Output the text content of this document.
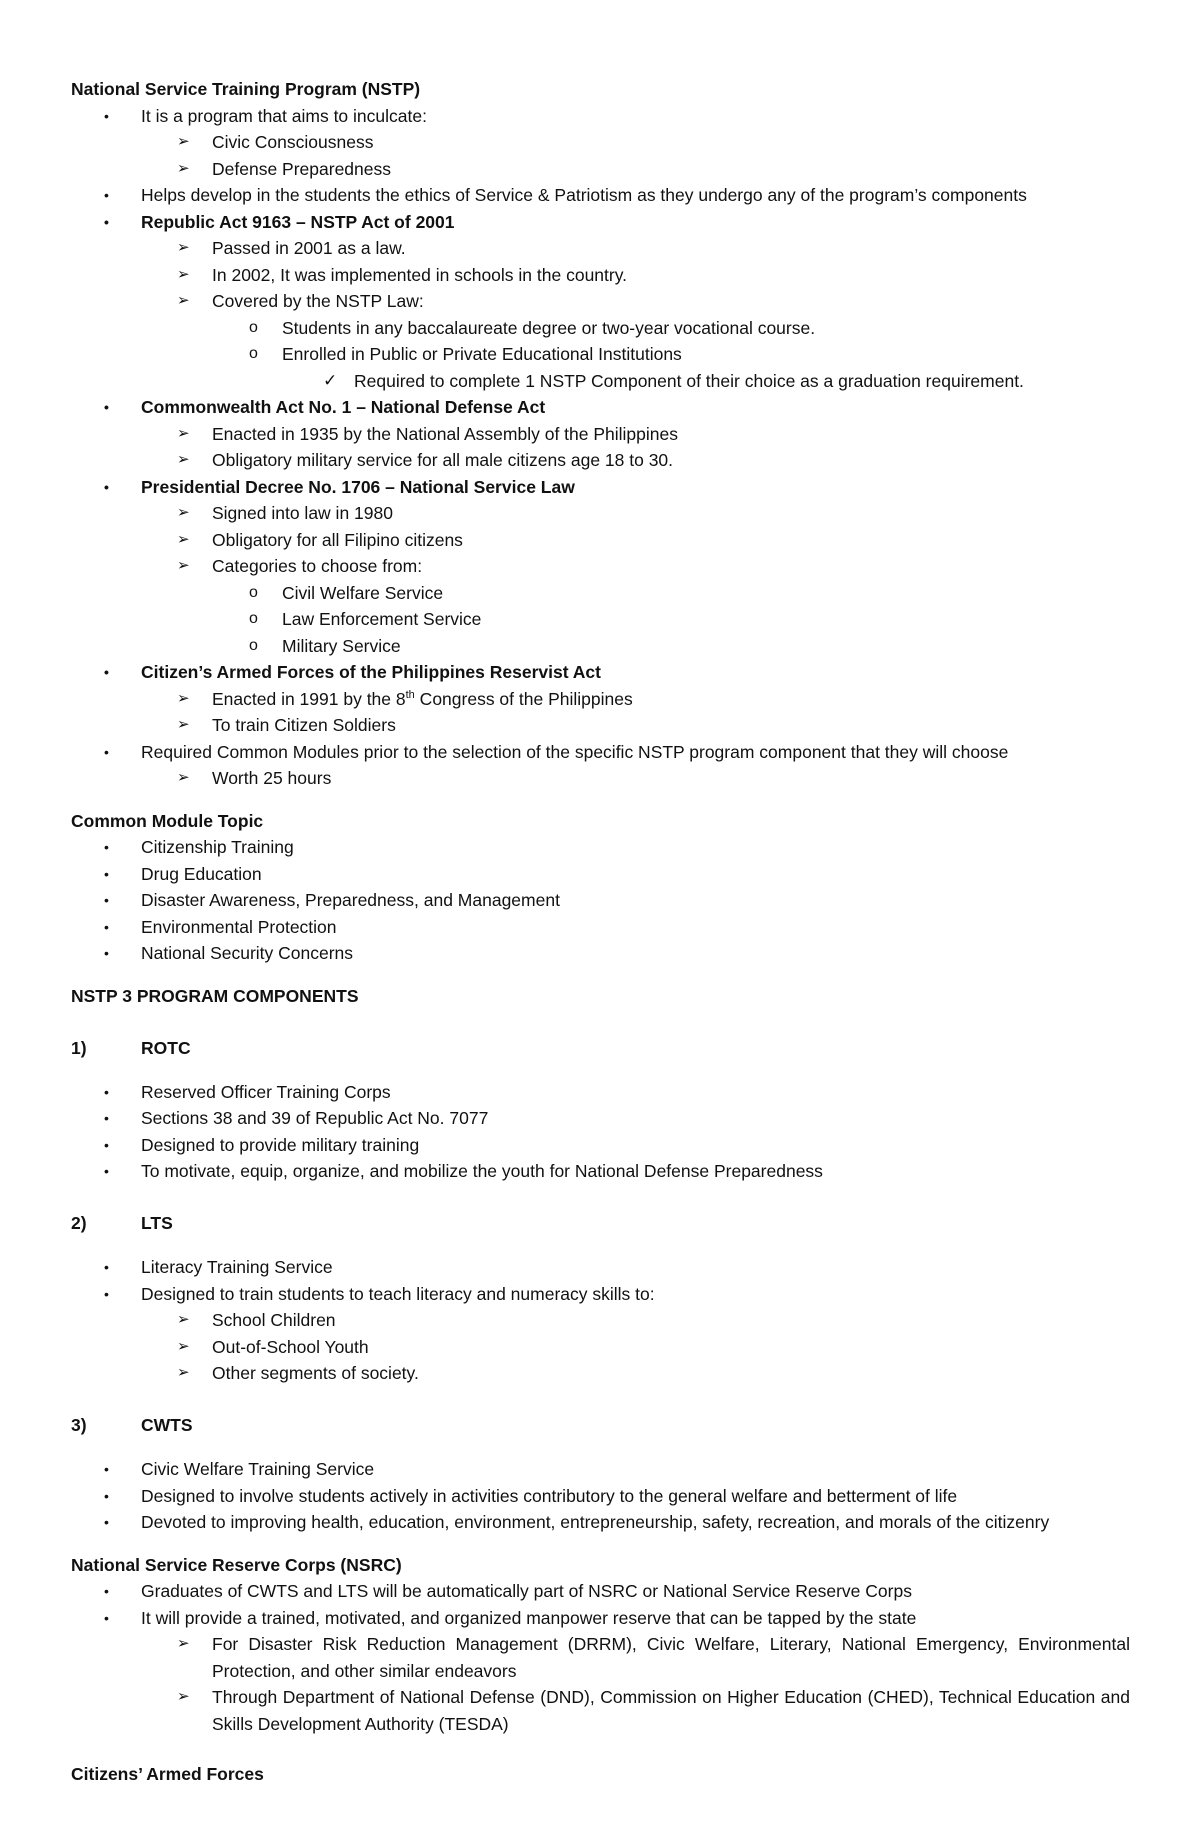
National Service Training Program (NSTP)

•	It is a program that aims to inculcate:
➢	Civic Consciousness
➢	Defense Preparedness
•	Helps develop in the students the ethics of Service & Patriotism as they undergo any of the program’s components
•	Republic Act 9163 – NSTP Act of 2001
➢	Passed in 2001 as a law.
➢	In 2002, It was implemented in schools in the country.
➢	Covered by the NSTP Law:
o	Students in any baccalaureate degree or two-year vocational course.
o	Enrolled in Public or Private Educational Institutions
✓ Required to complete 1 NSTP Component of their choice as a graduation requirement.
•	Commonwealth Act No. 1 – National Defense Act
➢	Enacted in 1935 by the National Assembly of the Philippines
➢	Obligatory military service for all male citizens age 18 to 30.
•	Presidential Decree No. 1706 – National Service Law
➢	Signed into law in 1980
➢	Obligatory for all Filipino citizens
➢	Categories to choose from:
o	Civil Welfare Service
o	Law Enforcement Service
o	Military Service
•	Citizen’s Armed Forces of the Philippines Reservist Act
➢	Enacted in 1991 by the 8th Congress of the Philippines
➢	To train Citizen Soldiers
•	Required Common Modules prior to the selection of the specific NSTP program component that they will choose
➢	Worth 25 hours

Common Module Topic

•	Citizenship Training
•	Drug Education
•	Disaster Awareness, Preparedness, and Management
•	Environmental Protection
•	National Security Concerns

NSTP 3 PROGRAM COMPONENTS

1)	ROTC

•	Reserved Officer Training Corps
•	Sections 38 and 39 of Republic Act No. 7077
•	Designed to provide military training
•	To motivate, equip, organize, and mobilize the youth for National Defense Preparedness

2)	LTS

•	Literacy Training Service
•	Designed to train students to teach literacy and numeracy skills to:
➢	School Children
➢	Out-of-School Youth
➢	Other segments of society.

3)	CWTS

•	Civic Welfare Training Service
•	Designed to involve students actively in activities contributory to the general welfare and betterment of life
•	Devoted to improving health, education, environment, entrepreneurship, safety, recreation, and morals of the citizenry

National Service Reserve Corps (NSRC)

•	Graduates of CWTS and LTS will be automatically part of NSRC or National Service Reserve Corps
•	It will provide a trained, motivated, and organized manpower reserve that can be tapped by the state
➢	For Disaster Risk Reduction Management (DRRM), Civic Welfare, Literary, National Emergency, Environmental Protection, and other similar endeavors
➢	Through Department of National Defense (DND), Commission on Higher Education (CHED), Technical Education and Skills Development Authority (TESDA)

Citizens’ Armed Forces
